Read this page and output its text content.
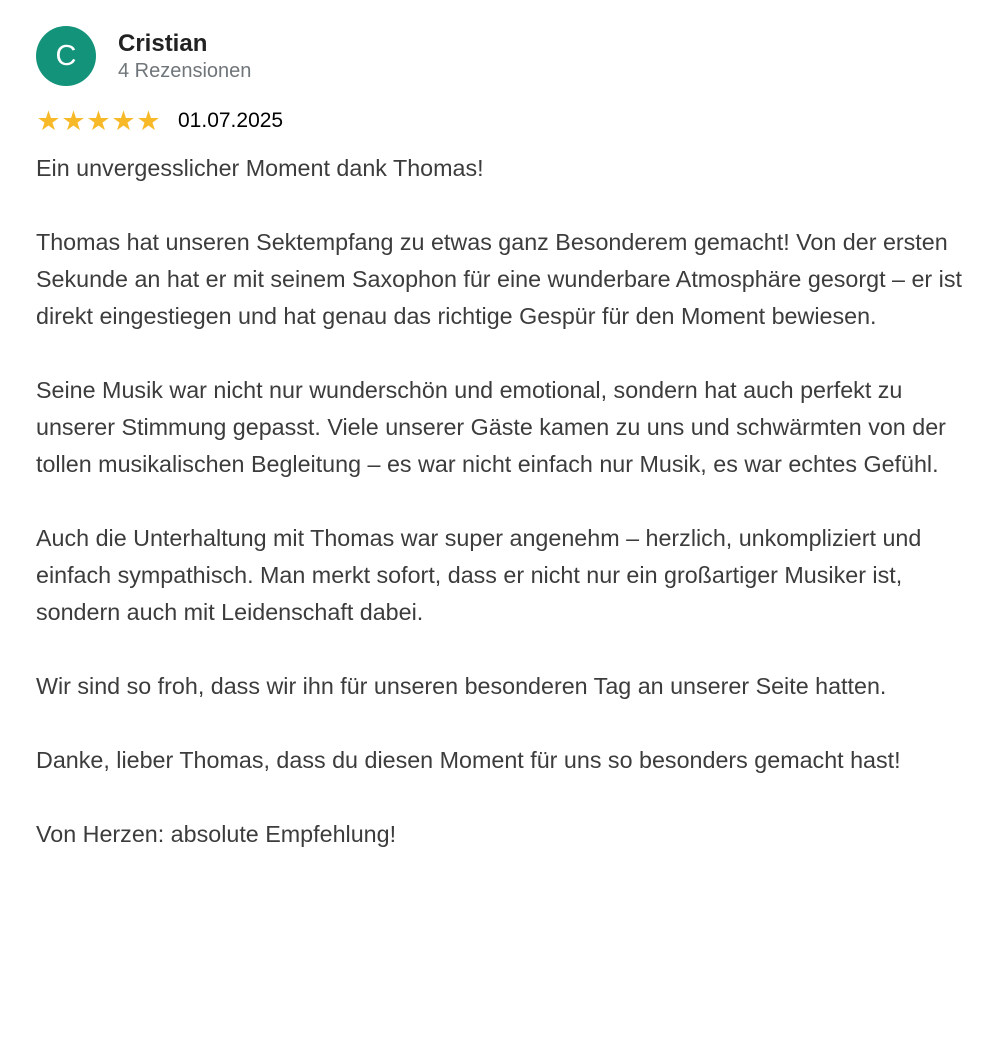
C	Cristian
4 Rezensionen
★ ★ ★ ★ ★ 01.07.2025

Ein unvergesslicher Moment dank Thomas!

Thomas hat unseren Sektempfang zu etwas ganz Besonderem gemacht! Von der ersten Sekunde an hat er mit seinem Saxophon für eine wunderbare Atmosphäre gesorgt – er ist direkt eingestiegen und hat genau das richtige Gespür für den Moment bewiesen.

Seine Musik war nicht nur wunderschön und emotional, sondern hat auch perfekt zu unserer Stimmung gepasst. Viele unserer Gäste kamen zu uns und schwärmten von der tollen musikalischen Begleitung – es war nicht einfach nur Musik, es war echtes Gefühl.

Auch die Unterhaltung mit Thomas war super angenehm – herzlich, unkompliziert und einfach sympathisch. Man merkt sofort, dass er nicht nur ein großartiger Musiker ist, sondern auch mit Leidenschaft dabei.

Wir sind so froh, dass wir ihn für unseren besonderen Tag an unserer Seite hatten.

Danke, lieber Thomas, dass du diesen Moment für uns so besonders gemacht hast!

Von Herzen: absolute Empfehlung!
